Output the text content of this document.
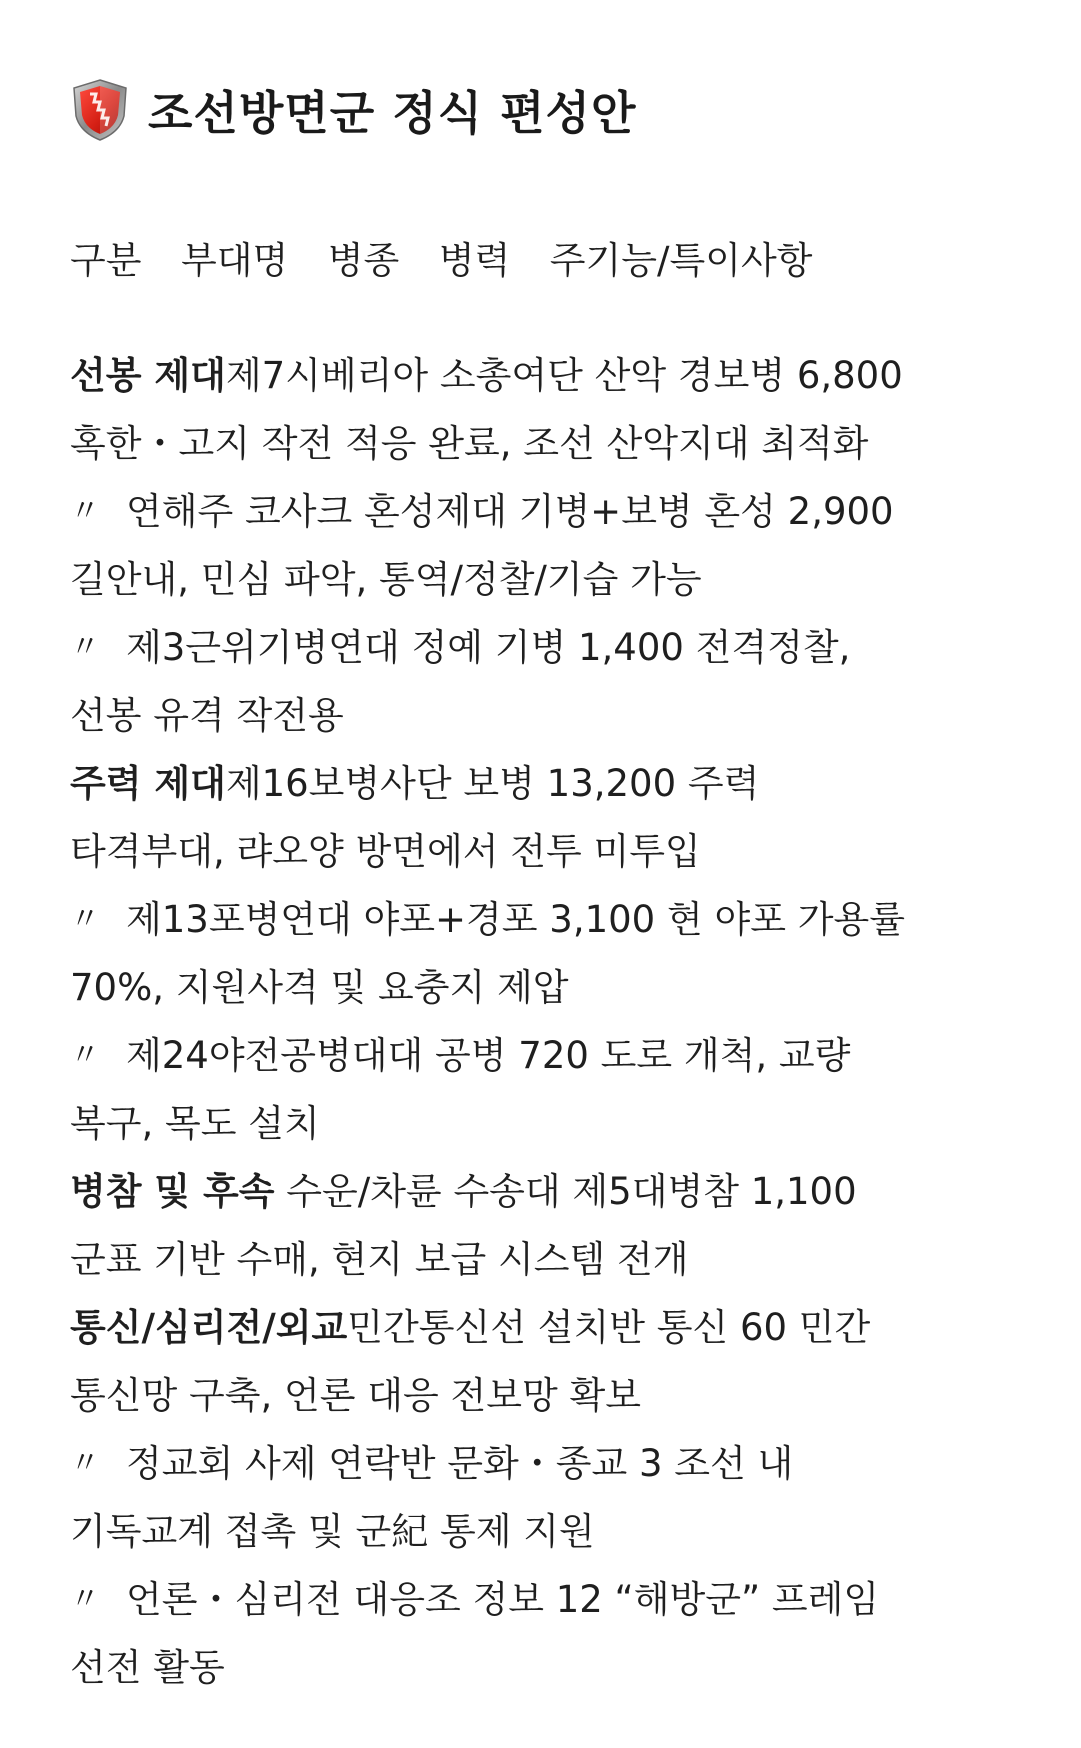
조선방면군 정식 편성안
구분  부대명  병종  병력  주기능/특이사항
선봉 제대제7시베리아 소총여단 산악 경보병 6,800
혹한・고지 작전 적응 완료, 조선 산악지대 최적화
〃 연해주 코사크 혼성제대 기병+보병 혼성 2,900
길안내, 민심 파악, 통역/정찰/기습 가능
〃 제3근위기병연대 정예 기병 1,400 전격정찰,
선봉 유격 작전용
주력 제대제16보병사단 보병 13,200 주력
타격부대, 랴오양 방면에서 전투 미투입
〃 제13포병연대 야포+경포 3,100 현 야포 가용률
70%, 지원사격 및 요충지 제압
〃 제24야전공병대대 공병 720 도로 개척, 교량
복구, 목도 설치
병참 및 후속 수운/차륜 수송대 제5대병참 1,100
군표 기반 수매, 현지 보급 시스템 전개
통신/심리전/외교민간통신선 설치반 통신 60 민간
통신망 구축, 언론 대응 전보망 확보
〃 정교회 사제 연락반 문화・종교 3 조선 내
기독교계 접촉 및 군紀 통제 지원
〃 언론・심리전 대응조 정보 12 “해방군” 프레임
선전 활동
